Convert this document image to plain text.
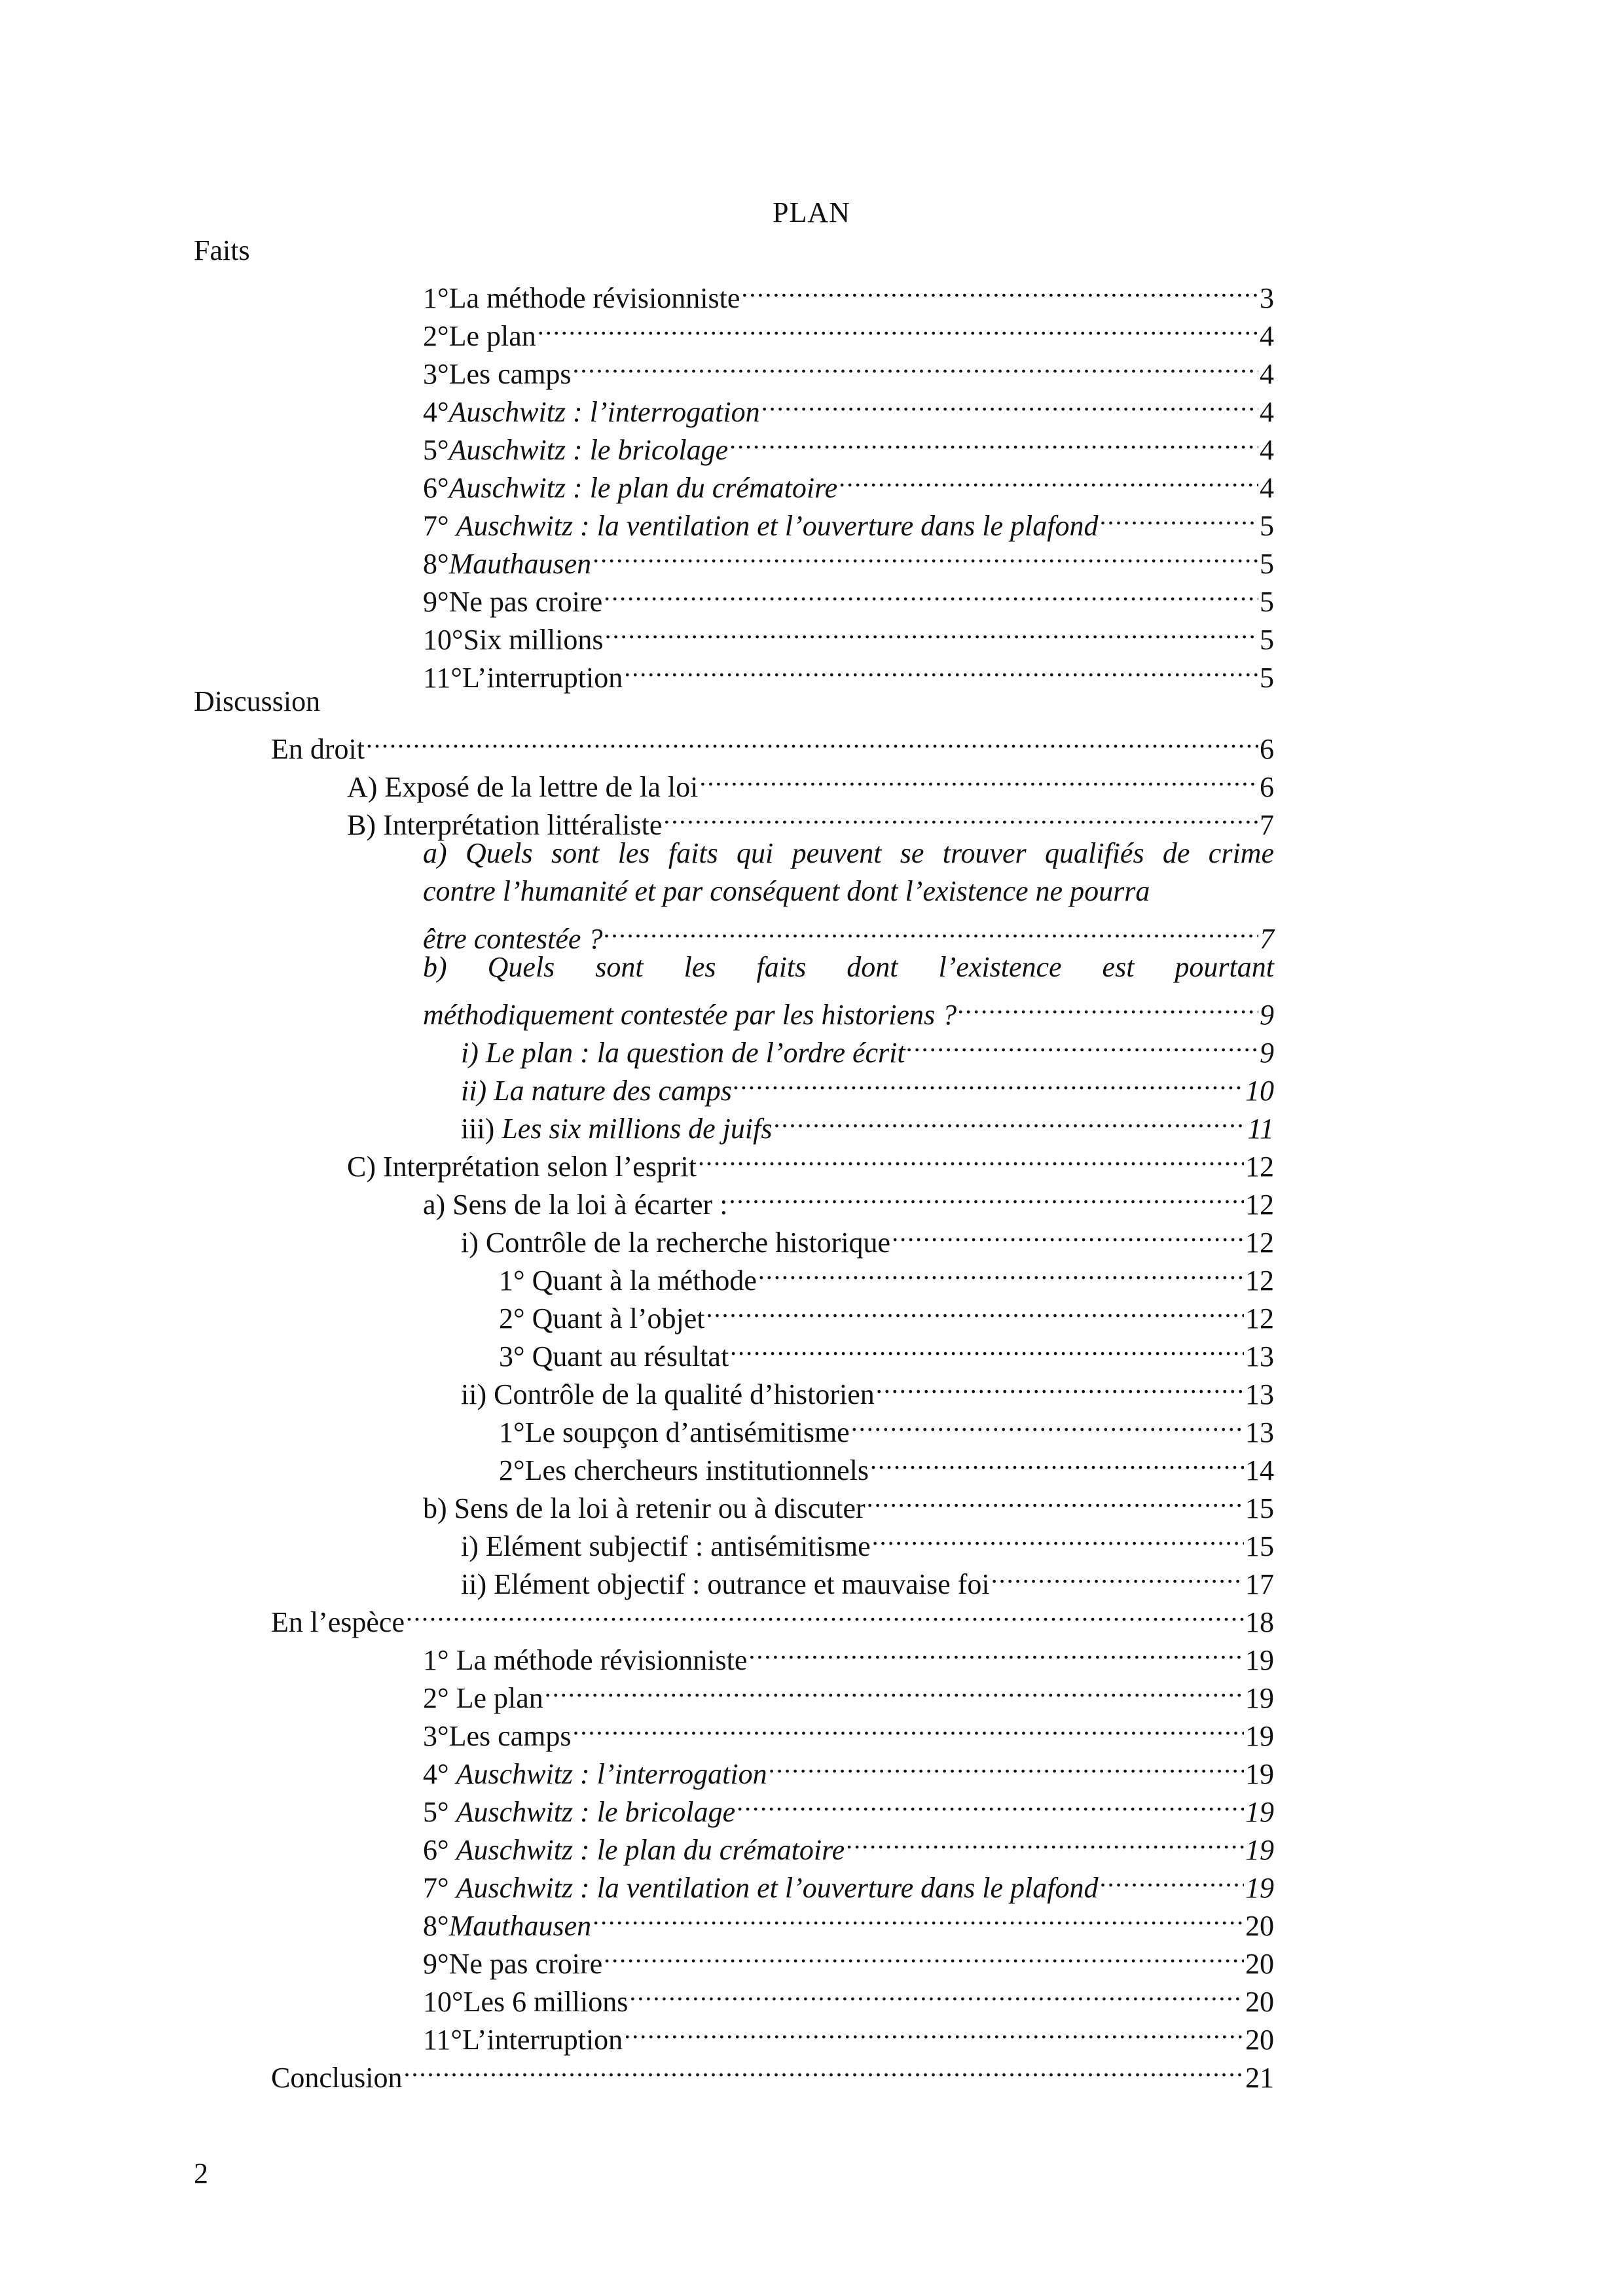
PLAN
Faits
Discussion
1°La méthode révisionniste .....	3
2°Le plan .....	4
3°Les camps .....	4
4°Auschwitz : l’interrogation .....	4
5°Auschwitz : le bricolage .....	4
6°Auschwitz : le plan du crématoire .....	4
7° Auschwitz : la ventilation et l’ouverture dans le plafond .....	5
8°Mauthausen .....	5
9°Ne pas croire .....	5
10°Six millions .....	5
11°L’interruption .....	5
En droit .....	6
A) Exposé de la lettre de la loi .....	6
B) Interprétation littéraliste .....	7
a) Quels sont les faits qui peuvent se trouver qualifiés de crime
contre l’humanité et par conséquent dont l’existence ne pourra
être contestée ? .....	7
b) Quels sont les faits dont l’existence est pourtant
méthodiquement contestée par les historiens ? .....	9
i) Le plan : la question de l’ordre écrit .....	9
ii) La nature des camps .....	10
iii) Les six millions de juifs .....	11
C) Interprétation selon l’esprit .....	12
a) Sens de la loi à écarter : .....	12
i) Contrôle de la recherche historique .....	12
1° Quant à la méthode .....	12
2° Quant à l’objet .....	12
3° Quant au résultat .....	13
ii) Contrôle de la qualité d’historien .....	13
1°Le soupçon d’antisémitisme .....	13
2°Les chercheurs institutionnels .....	14
b) Sens de la loi à retenir ou à discuter .....	15
i) Elément subjectif : antisémitisme .....	15
ii) Elément objectif : outrance et mauvaise foi .....	17
En l’espèce .....	18
1° La méthode révisionniste .....	19
2° Le plan .....	19
3°Les camps .....	19
4° Auschwitz : l’interrogation .....	19
5° Auschwitz : le bricolage .....	19
6° Auschwitz : le plan du crématoire .....	19
7° Auschwitz : la ventilation et l’ouverture dans le plafond .....	19
8°Mauthausen .....	20
9°Ne pas croire .....	20
10°Les 6 millions .....	20
11°L’interruption .....	20
Conclusion .....	21
2
